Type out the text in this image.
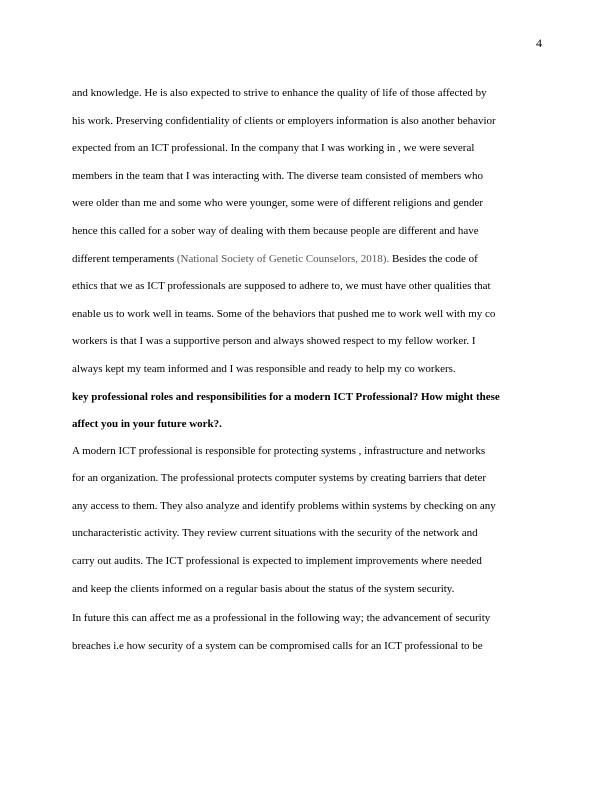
4
and knowledge. He is also expected to strive to enhance the quality of life of those affected by
his work. Preserving confidentiality of clients or employers information is also another behavior
expected from an ICT professional. In the company that I was working in , we were several
members in the team that I was interacting with. The diverse team consisted of members who
were older than me and some who were younger, some were of different religions and gender
hence this called for a sober way of dealing with them because people are different and have
different temperaments (National Society of Genetic Counselors, 2018). Besides the code of
ethics that we as ICT professionals are supposed to adhere to, we must have other qualities that
enable us to work well in teams. Some of the behaviors that pushed me to work well with my co
workers is that I was a supportive person and always showed respect to my fellow worker. I
always kept my team informed and I was responsible and ready to help my co workers.
key professional roles and responsibilities for a modern ICT Professional? How might these
affect you in your future work?.
A modern ICT professional is responsible for protecting systems , infrastructure and networks
for an organization. The professional protects computer systems by creating barriers that deter
any access to them. They also analyze and identify problems within systems by checking on any
uncharacteristic activity. They review current situations with the security of the network and
carry out audits. The ICT professional is expected to implement improvements where needed
and keep the clients informed on a regular basis about the status of the system security.
In future this can affect me as a professional in the following way; the advancement of security
breaches i.e how security of a system can be compromised calls for an ICT professional to be
